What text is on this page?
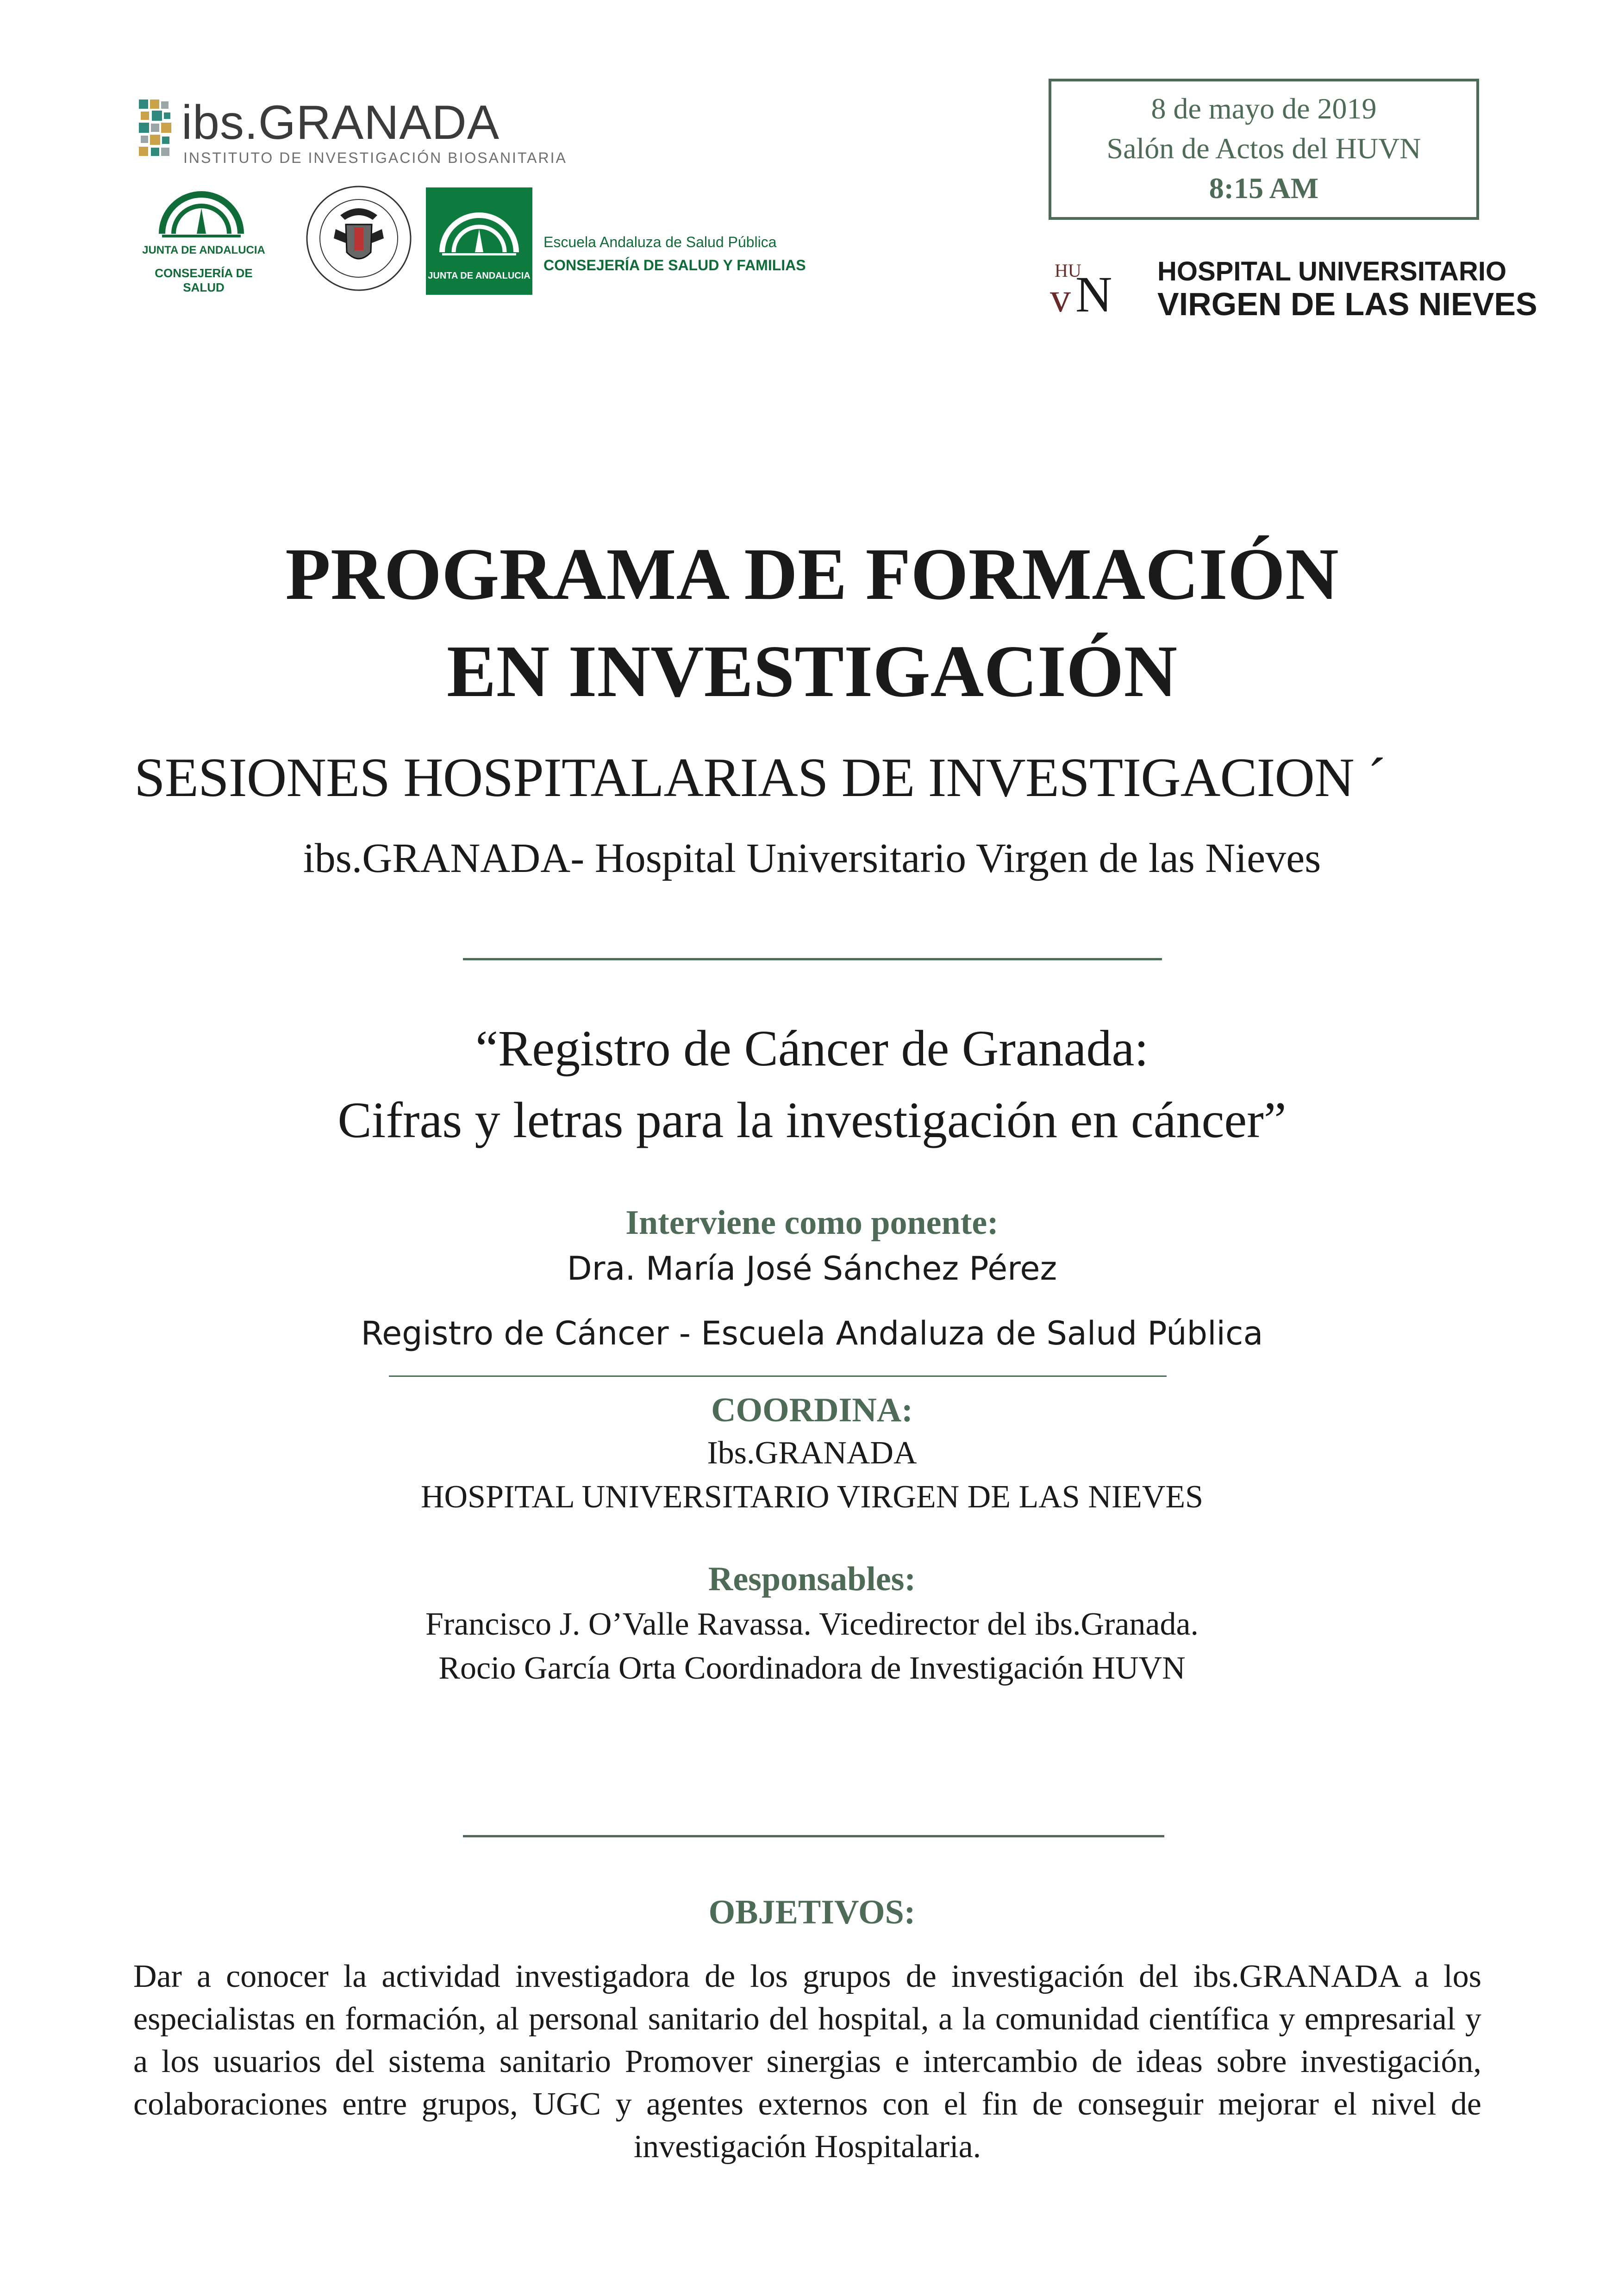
ibs.GRANADA
INSTITUTO DE INVESTIGACIÓN BIOSANITARIA
JUNTA DE ANDALUCIA
CONSEJERÍA DE SALUD
JUNTA DE ANDALUCIA
Escuela Andaluza de Salud Pública
CONSEJERÍA DE SALUD Y FAMILIAS
8 de mayo de 2019
Salón de Actos del HUVN
8:15 AM
HU
v N HOSPITAL UNIVERSITARIO
VIRGEN DE LAS NIEVES
PROGRAMA DE FORMACIÓN
EN INVESTIGACIÓN
SESIONES HOSPITALARIAS DE INVESTIGACION ´
ibs.GRANADA- Hospital Universitario Virgen de las Nieves
“Registro de Cáncer de Granada:
Cifras y letras para la investigación en cáncer”
Interviene como ponente:
Dra. María José Sánchez Pérez
Registro de Cáncer - Escuela Andaluza de Salud Pública
COORDINA:
Ibs.GRANADA
HOSPITAL UNIVERSITARIO VIRGEN DE LAS NIEVES
Responsables:
Francisco J. O’Valle Ravassa. Vicedirector del ibs.Granada.
Rocio García Orta Coordinadora de Investigación HUVN
OBJETIVOS:
Dar a conocer la actividad investigadora de los grupos de investigación del ibs.GRANADA a los especialistas en formación, al personal sanitario del hospital, a la comunidad científica y empresarial y a los usuarios del sistema sanitario Promover sinergias e intercambio de ideas sobre investigación, colaboraciones entre grupos, UGC y agentes externos con el fin de conseguir mejorar el nivel de investigación Hospitalaria.
